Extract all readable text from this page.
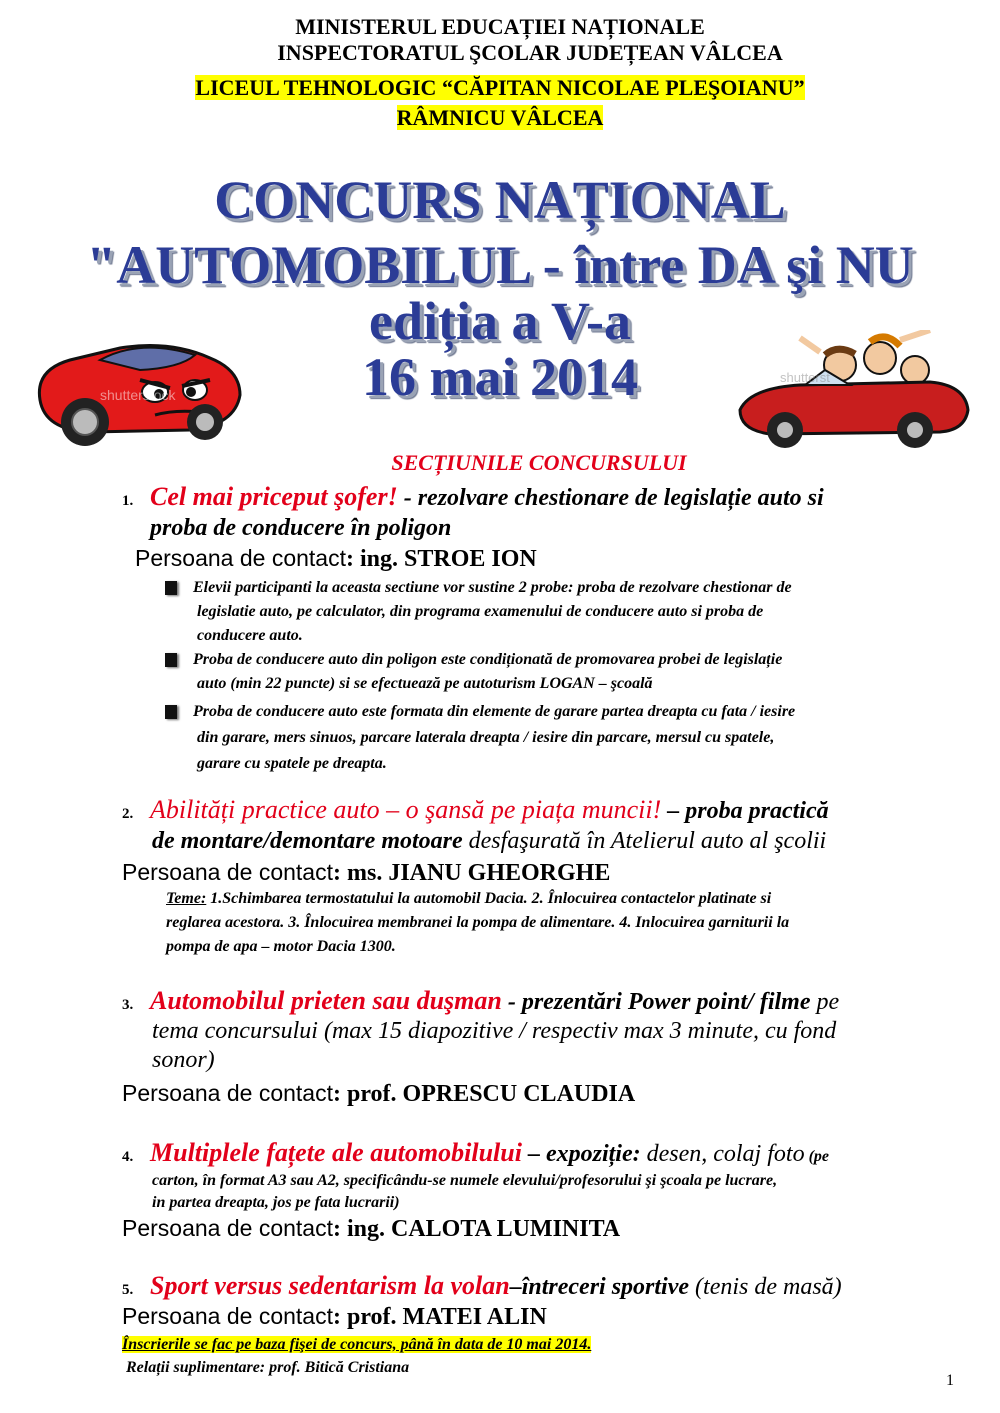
MINISTERUL EDUCAȚIEI NAȚIONALE
INSPECTORATUL ŞCOLAR JUDEȚEAN VÂLCEA
LICEUL TEHNOLOGIC “CĂPITAN NICOLAE PLEŞOIANU”
RÂMNICU VÂLCEA
CONCURS NAȚIONAL
"AUTOMOBILUL - între DA şi NU
ediția a V-a
16 mai 2014
shutterstock
shutterst
SECȚIUNILE CONCURSULUI
1. Cel mai priceput şofer! - rezolvare chestionare de legislație auto si
proba de conducere în poligon
Persoana de contact: ing. STROE ION
Elevii participanti la aceasta sectiune vor sustine 2 probe: proba de rezolvare chestionar de
legislatie auto, pe calculator, din programa examenului de conducere auto si proba de
conducere auto.
Proba de conducere auto din poligon este condiționată de promovarea probei de legislație
auto (min 22 puncte) si se efectuează pe autoturism LOGAN – şcoală
Proba de conducere auto este formata din elemente de garare partea dreapta cu fata / iesire
din garare, mers sinuos, parcare laterala dreapta / iesire din parcare, mersul cu spatele,
garare cu spatele pe dreapta.
2. Abilități practice auto – o şansă pe piața muncii! – proba practică
de montare/demontare motoare desfaşurată în Atelierul auto al şcolii
Persoana de contact: ms. JIANU GHEORGHE
Teme: 1.Schimbarea termostatului la automobil Dacia. 2. Înlocuirea contactelor platinate si
reglarea acestora. 3. Înlocuirea membranei la pompa de alimentare. 4. Inlocuirea garniturii la
pompa de apa – motor Dacia 1300.
3. Automobilul prieten sau duşman - prezentări Power point/ filme pe
tema concursului (max 15 diapozitive / respectiv max 3 minute, cu fond
sonor)
Persoana de contact: prof. OPRESCU CLAUDIA
4. Multiplele fațete ale automobilului – expoziție: desen, colaj foto (pe
carton, în format A3 sau A2, specificându-se numele elevului/profesorului şi şcoala pe lucrare,
in partea dreapta, jos pe fata lucrarii)
Persoana de contact: ing. CALOTA LUMINITA
5. Sport versus sedentarism la volan–întreceri sportive (tenis de masă)
Persoana de contact: prof. MATEI ALIN
Înscrierile se fac pe baza fişei de concurs, până în data de 10 mai 2014.
Relații suplimentare: prof. Bitică Cristiana
1
